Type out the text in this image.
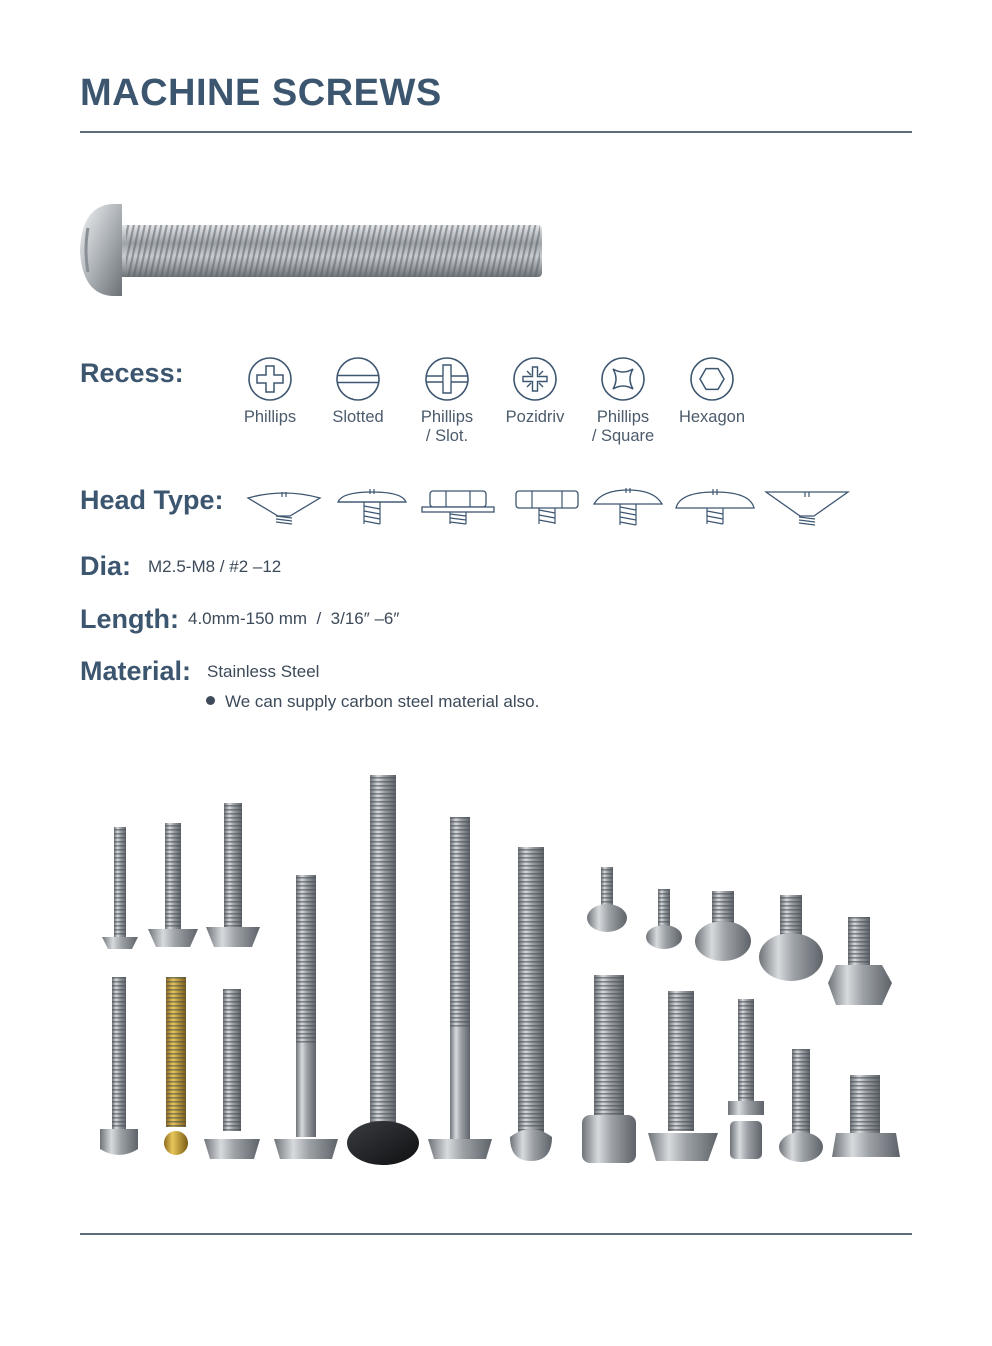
MACHINE SCREWS
Recess:
Phillips	Slotted	Phillips
/ Slot.
Pozidriv	Phillips
/ Square
Hexagon
Head Type:
Dia: M2.5-M8 / #2 –12
Length: 4.0mm-150 mm  /  3/16″ –6″
Material: Stainless Steel
We can supply carbon steel material also.
